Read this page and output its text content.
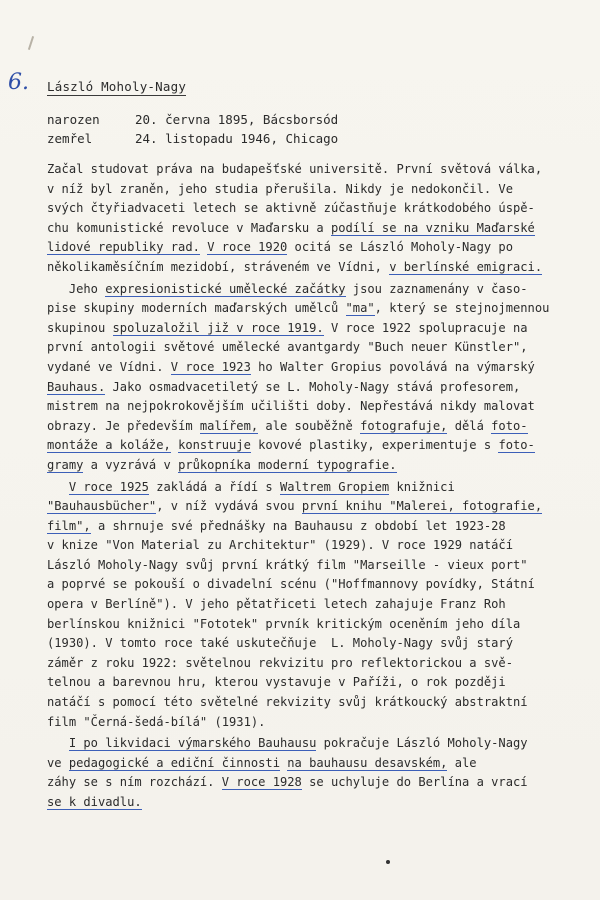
6. László Moholy-Nagy
narozen	20. června 1895, Bácsborsód
zemřel	24. listopadu 1946, Chicago
Začal studovat práva na budapešťské universitě. První světová válka,
v níž byl zraněn, jeho studia přerušila. Nikdy je nedokončil. Ve
svých čtyřiadvaceti letech se aktivně zúčastňuje krátkodobého úspě-
chu komunistické revoluce v Maďarsku a podílí se na vzniku Maďarské
lidové republiky rad. V roce 1920 ocitá se László Moholy-Nagy po
několikaměsíčním mezidobí, stráveném ve Vídni, v berlínské emigraci.
Jeho expresionistické umělecké začátky jsou zaznamenány v časo-
pise skupiny moderních maďarských umělců "ma", který se stejnojmennou
skupinou spoluzaložil již v roce 1919. V roce 1922 spolupracuje na
první antologii světové umělecké avantgardy "Buch neuer Künstler",
vydané ve Vídni. V roce 1923 ho Walter Gropius povolává na výmarský
Bauhaus. Jako osmadvacetiletý se L. Moholy-Nagy stává profesorem,
mistrem na nejpokrokovějším učilišti doby. Nepřestává nikdy malovat
obrazy. Je především malířem, ale souběžně fotografuje, dělá foto-
montáže a koláže, konstruuje kovové plastiky, experimentuje s foto-
gramy a vyzrává v průkopníka moderní typografie.
V roce 1925 zakládá a řídí s Waltrem Gropiem knižnici
"Bauhausbücher", v níž vydává svou první knihu "Malerei, fotografie,
film", a shrnuje své přednášky na Bauhausu z období let 1923-28
v knize "Von Material zu Architektur" (1929). V roce 1929 natáčí
László Moholy-Nagy svůj první krátký film "Marseille - vieux port"
a poprvé se pokouší o divadelní scénu ("Hoffmannovy povídky, Státní
opera v Berlíně"). V jeho pětatřiceti letech zahajuje Franz Roh
berlínskou knižnici "Fototek" prvník kritickým oceněním jeho díla
(1930). V tomto roce také uskutečňuje  L. Moholy-Nagy svůj starý
záměr z roku 1922: světelnou rekvizitu pro reflektorickou a svě-
telnou a barevnou hru, kterou vystavuje v Paříži, o rok později
natáčí s pomocí této světelné rekvizity svůj krátkoucký abstraktní
film "Černá-šedá-bílá" (1931).
I po likvidaci výmarského Bauhausu pokračuje László Moholy-Nagy
ve pedagogické a ediční činnosti na bauhausu desavském, ale
záhy se s ním rozchází. V roce 1928 se uchyluje do Berlína a vrací
se k divadlu.
